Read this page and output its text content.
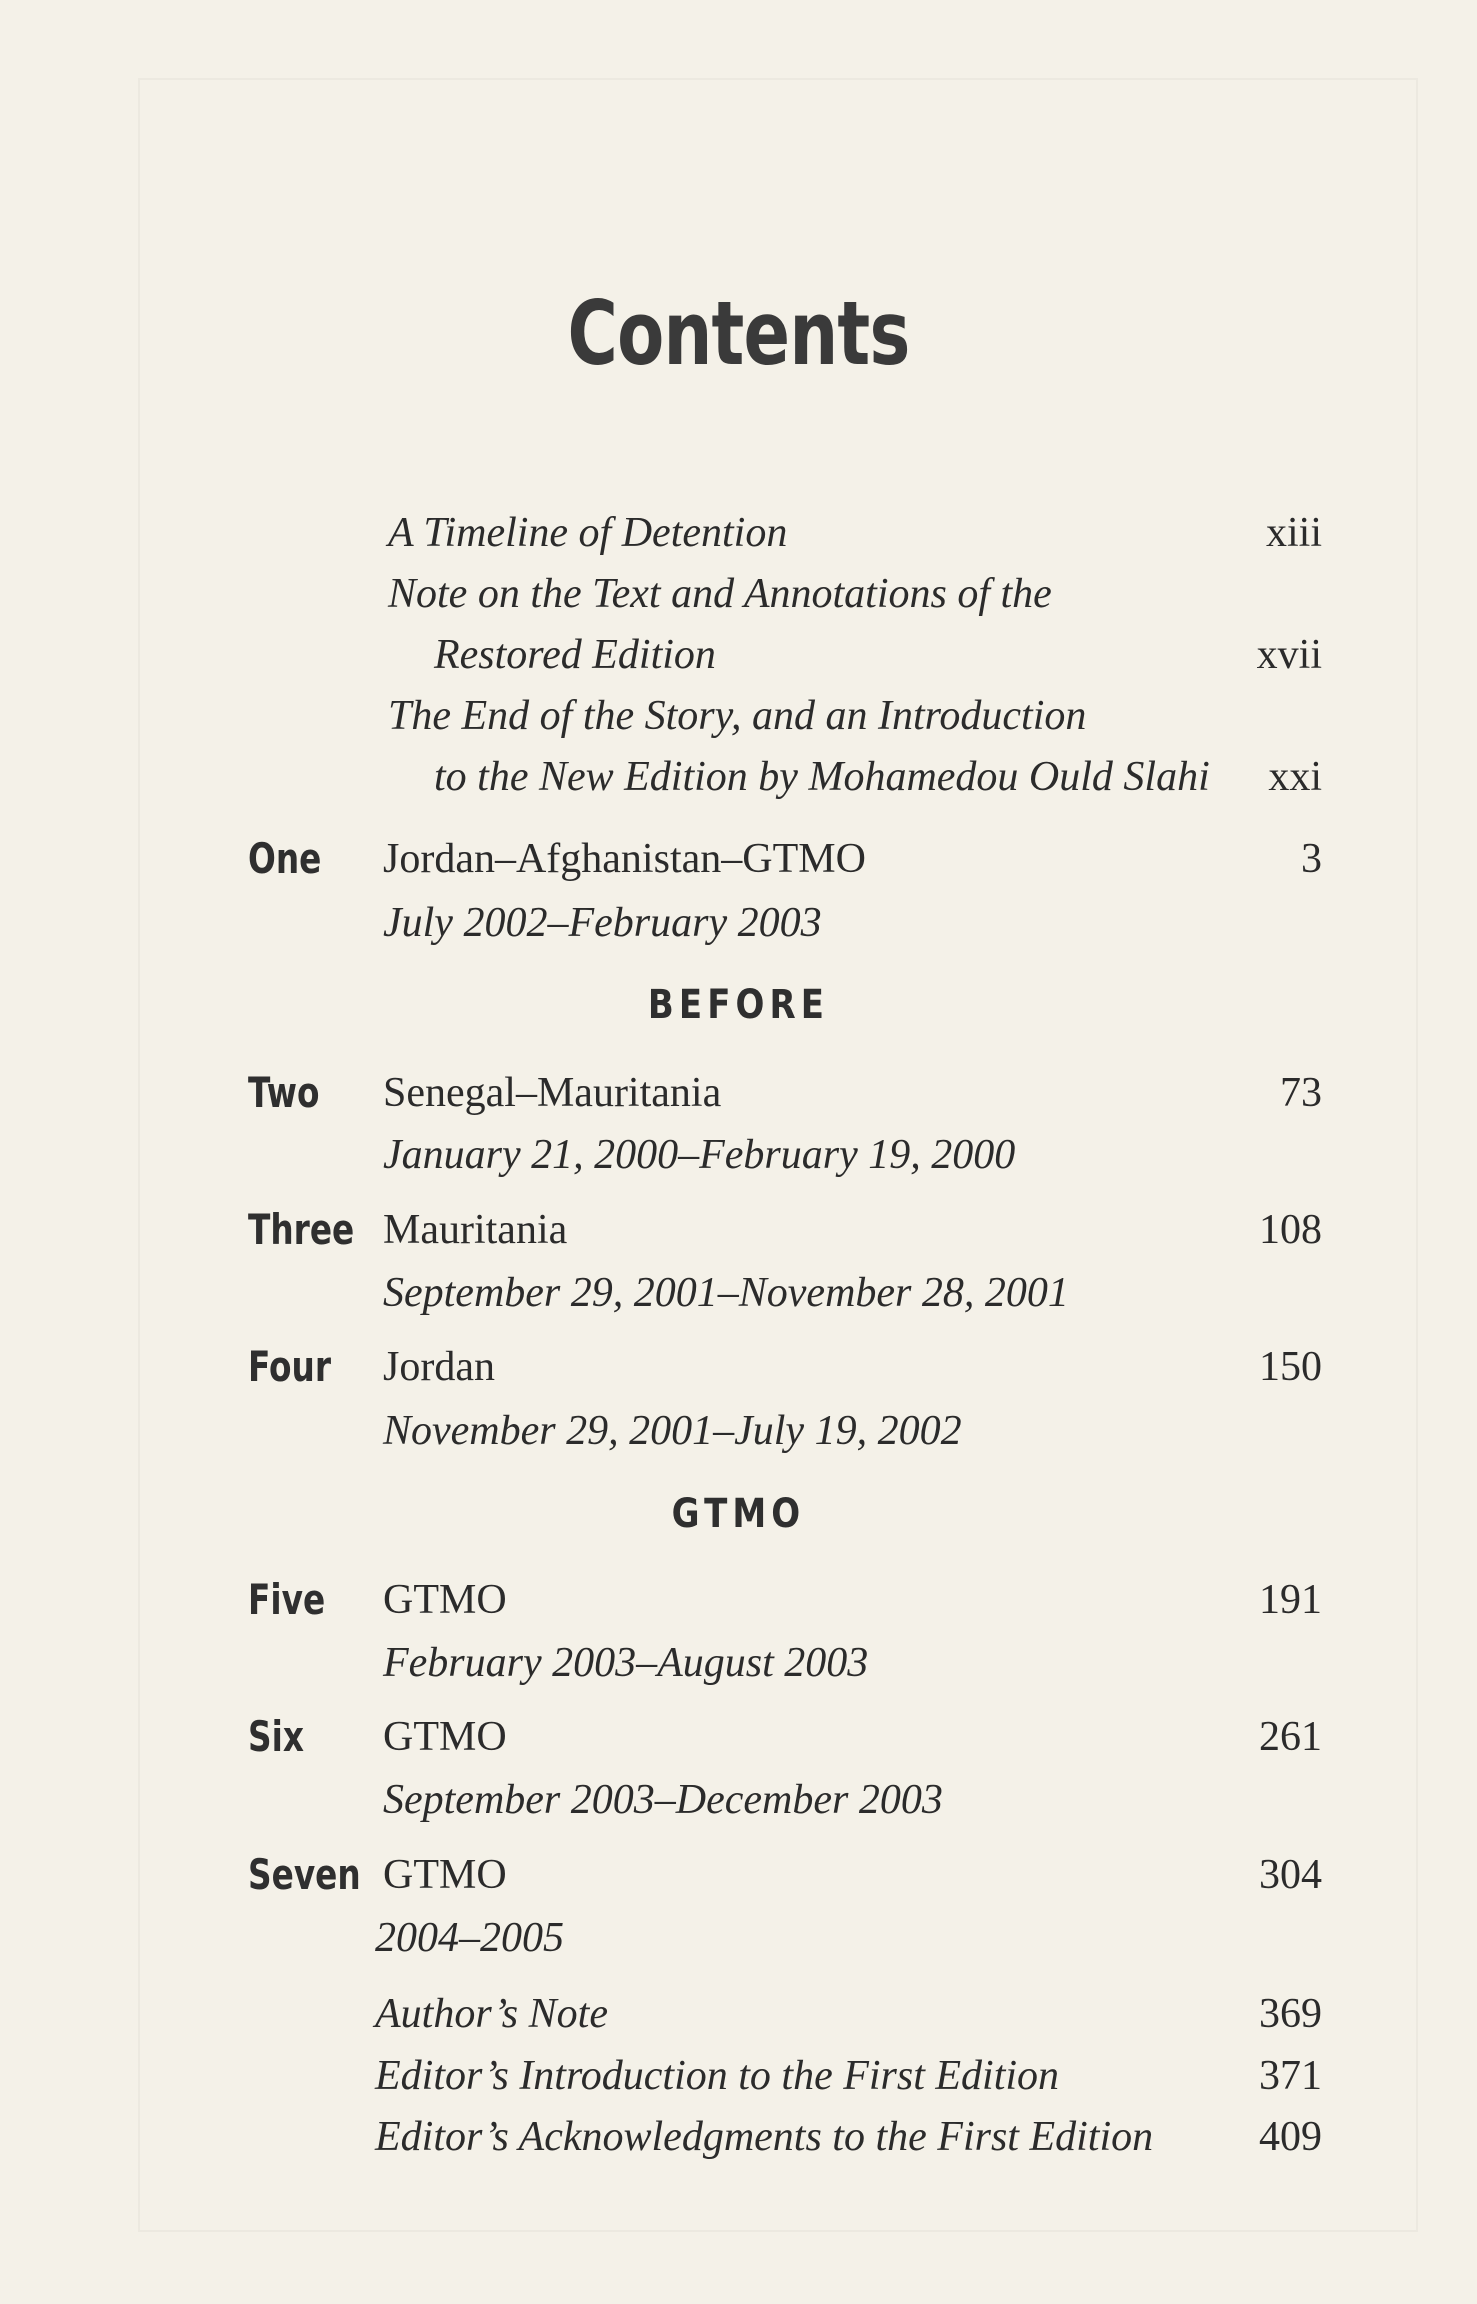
Contents
A Timeline of Detention	xiii
Note on the Text and Annotations of the
Restored Edition	xvii
The End of the Story, and an Introduction
to the New Edition by Mohamedou Ould Slahi xxi
One Jordan–Afghanistan–GTMO	3
July 2002–February 2003
BEFORE
Two Senegal–Mauritania	73
January 21, 2000–February 19, 2000
Three Mauritania	108
September 29, 2001–November 28, 2001
Four Jordan	150
November 29, 2001–July 19, 2002
GTMO
Five GTMO	191
February 2003–August 2003
Six GTMO	261
September 2003–December 2003
Seven GTMO	304
2004–2005
Author’s Note	369
Editor’s Introduction to the First Edition	371
Editor’s Acknowledgments to the First Edition	409
